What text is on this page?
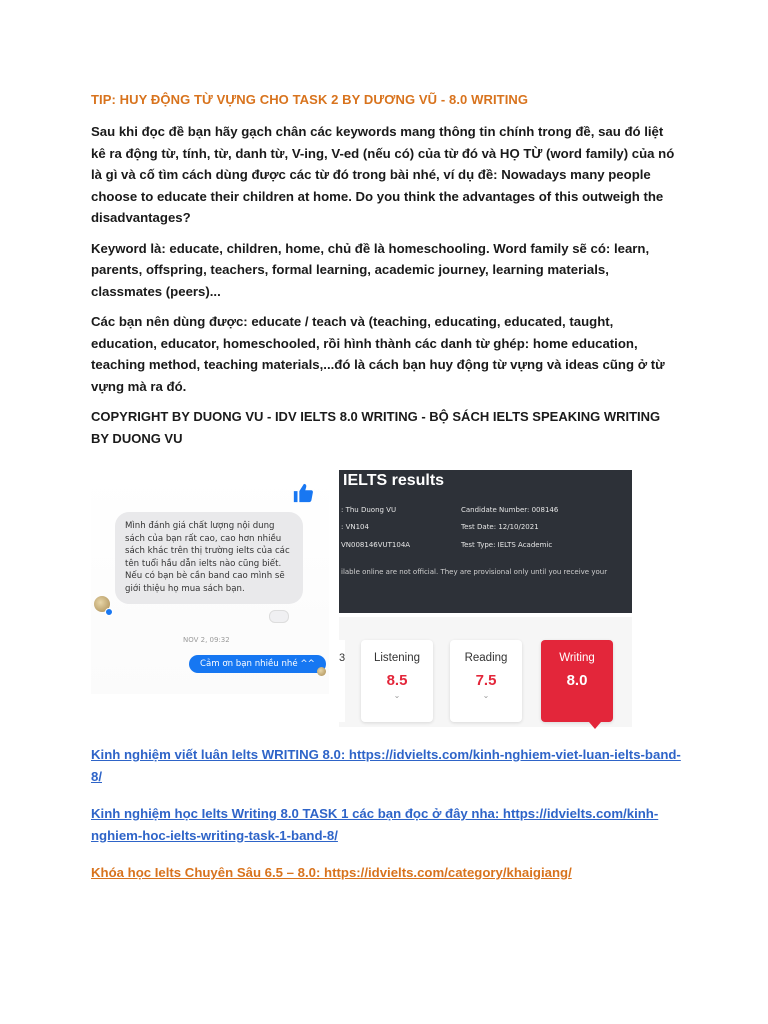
TIP: HUY ĐỘNG TỪ VỰNG CHO TASK 2 BY DƯƠNG VŨ - 8.0 WRITING

Sau khi đọc đề bạn hãy gạch chân các keywords mang thông tin chính trong đề, sau đó liệt kê ra động từ, tính, từ, danh từ, V-ing, V-ed (nếu có) của từ đó và HỌ TỪ (word family) của nó là gì và cố tìm cách dùng được các từ đó trong bài nhé, ví dụ đề: Nowadays many people choose to educate their children at home. Do you think the advantages of this outweigh the disadvantages?

Keyword là: educate, children, home, chủ đề là homeschooling. Word family sẽ có: learn, parents, offspring, teachers, formal learning, academic journey, learning materials, classmates (peers)...

Các bạn nên dùng được: educate / teach và (teaching, educating, educated, taught, education, educator, homeschooled, rồi hình thành các danh từ ghép: home education, teaching method, teaching materials,...đó là cách bạn huy động từ vựng và ideas cũng ở từ vựng mà ra đó.

COPYRIGHT BY DUONG VU - IDV IELTS 8.0 WRITING - BỘ SÁCH IELTS SPEAKING WRITING BY DUONG VU

Mình đánh giá chất lượng nội dung sách của bạn rất cao, cao hơn nhiều sách khác trên thị trường ielts của các tên tuổi hầu dẫn ielts nào cũng biết. Nếu có bạn bè cần band cao mình sẽ giới thiệu họ mua sách bạn.
NOV 2, 09:32
Cảm ơn bạn nhiều nhé ^^
IELTS results
: Thu Duong VU	Candidate Number: 008146
: VN104	Test Date: 12/10/2021
VN008146VUT104A	Test Type: IELTS Academic
ilable online are not official. They are provisional only until you receive your
3	Listening
8.5
⌄
Reading
7.5
⌄
Writing
8.0
Kinh nghiệm viết luân Ielts WRITING 8.0: https://idvielts.com/kinh-nghiem-viet-luan-ielts-band-8/
Kinh nghiệm học Ielts Writing 8.0 TASK 1 các bạn đọc ở đây nha: https://idvielts.com/kinh-nghiem-hoc-ielts-writing-task-1-band-8/
Khóa học Ielts Chuyên Sâu 6.5 – 8.0: https://idvielts.com/category/khaigiang/
